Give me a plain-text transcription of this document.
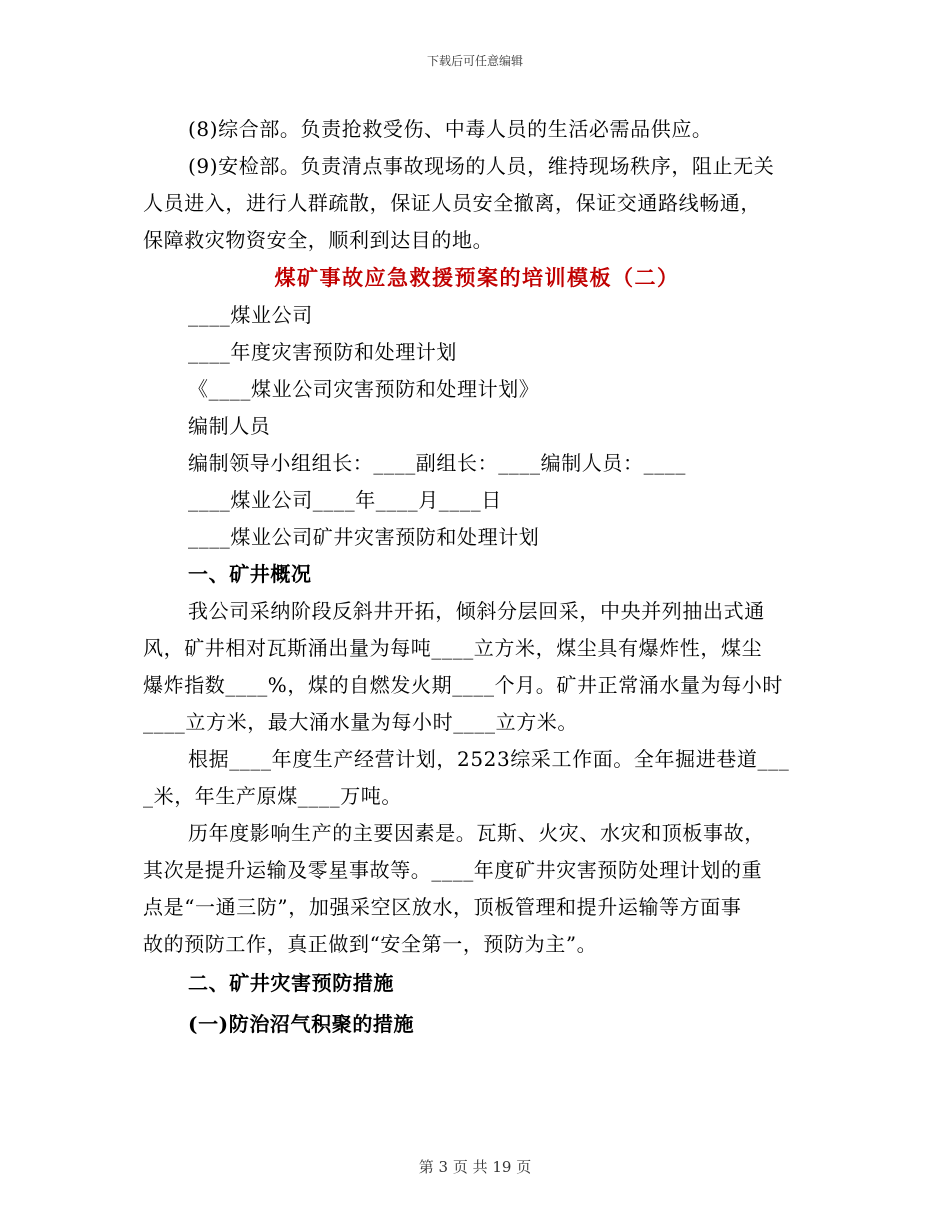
下载后可任意编辑
(8)综合部。负责抢救受伤、中毒人员的生活必需品供应。
(9)安检部。负责清点事故现场的人员，维持现场秩序，阻止无关
人员进入，进行人群疏散，保证人员安全撤离，保证交通路线畅通，
保障救灾物资安全，顺利到达目的地。
煤矿事故应急救援预案的培训模板（二）
____煤业公司
____年度灾害预防和处理计划
《____煤业公司灾害预防和处理计划》
编制人员
编制领导小组组长：____副组长：____编制人员：____
____煤业公司____年____月____日
____煤业公司矿井灾害预防和处理计划
一、矿井概况
我公司采纳阶段反斜井开拓，倾斜分层回采，中央并列抽出式通
风，矿井相对瓦斯涌出量为每吨____立方米，煤尘具有爆炸性，煤尘
爆炸指数____%，煤的自燃发火期____个月。矿井正常涌水量为每小时
____立方米，最大涌水量为每小时____立方米。
根据____年度生产经营计划，2523综采工作面。全年掘进巷道___
_米，年生产原煤____万吨。
历年度影响生产的主要因素是。瓦斯、火灾、水灾和顶板事故，
其次是提升运输及零星事故等。____年度矿井灾害预防处理计划的重
点是“一通三防”，加强采空区放水，顶板管理和提升运输等方面事
故的预防工作，真正做到“安全第一，预防为主”。
二、矿井灾害预防措施
(一)防治沼气积聚的措施
第 3 页 共 19 页
